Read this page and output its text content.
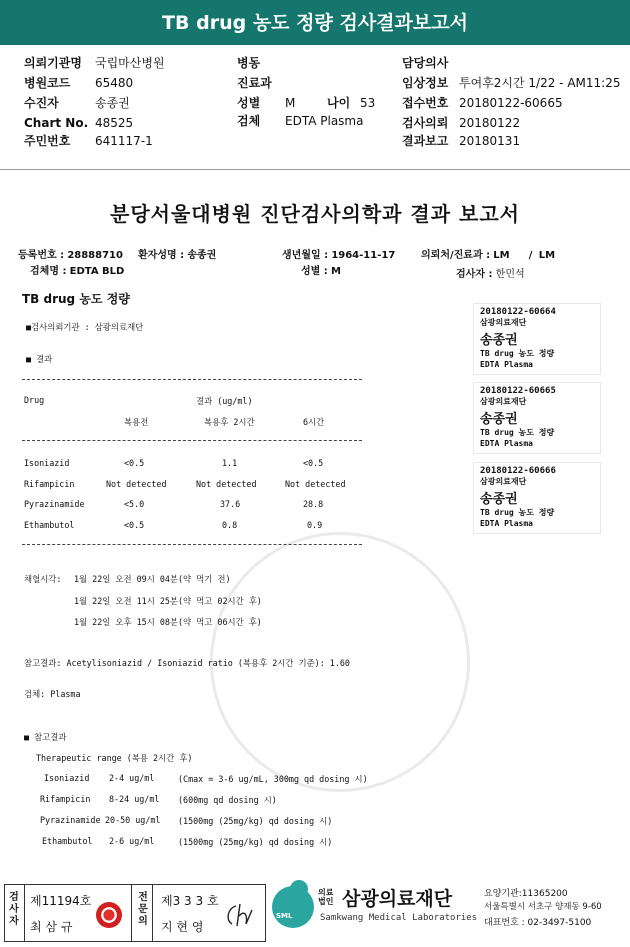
TB drug 농도 정량 검사결과보고서
의뢰기관명 국립마산병원
병원코드 65480
수진자	송종권
Chart No. 48525
주민번호 641117-1
병동
진료과
성별 M	나이 53
검체 EDTA Plasma
담당의사
임상정보 투여후2시간 1/22 - AM11:25
접수번호 20180122-60665
검사의뢰 20180122
결과보고 20180131
분당서울대병원 진단검사의학과 결과 보고서
등록번호 : 28888710 환자성명 : 송종권	생년월일 : 1964-11-17	의뢰처/진료과 : LM / LM
검체명 : EDTA BLD	성별 : M	검사자 : 한민석
TB drug 농도 정량
■검사의뢰기관 : 삼광의료재단
■ 결과
Drug	결과 (ug/ml)
복용전	복용후 2시간	6시간
Isoniazid	<0.5	1.1	<0.5
Rifampicin	Not detected	Not detected	Not detected
Pyrazinamide	<5.0	37.6	28.8
Ethambutol	<0.5	0.8	0.9
채혈시각: 1월 22일 오전 09시 04분(약 먹기 전)
1월 22일 오전 11시 25분(약 먹고 02시간 후)
1월 22일 오후 15시 08분(약 먹고 06시간 후)
참고결과: Acetylisoniazid / Isoniazid ratio (복용후 2시간 기준): 1.60
검체: Plasma
■ 참고결과
Therapeutic range (복용 2시간 후)
Isoniazid 2-4 ug/ml	(Cmax = 3-6 ug/mL, 300mg qd dosing 시)
Rifampicin 8-24 ug/ml (600mg qd dosing 시)
Pyrazinamide 20-50 ug/ml (1500mg (25mg/kg) qd dosing 시)
Ethambutol 2-6 ug/ml	(1500mg (25mg/kg) qd dosing 시)
20180122-60664
삼광의료재단
송종권
TB drug 농도 정량
EDTA Plasma
20180122-60665
삼광의료재단
송종권
TB drug 농도 정량
EDTA Plasma
20180122-60666
삼광의료재단
송종권
TB drug 농도 정량
EDTA Plasma
검사자
제11194호
최 삼 규
전문의
제3 3 3 호
지 현 영
SML
의료법인 삼광의료재단
Samkwang Medical Laboratories
요양기관:11365200
서울특별시 서초구 양재동 9-60
대표번호 : 02-3497-5100
